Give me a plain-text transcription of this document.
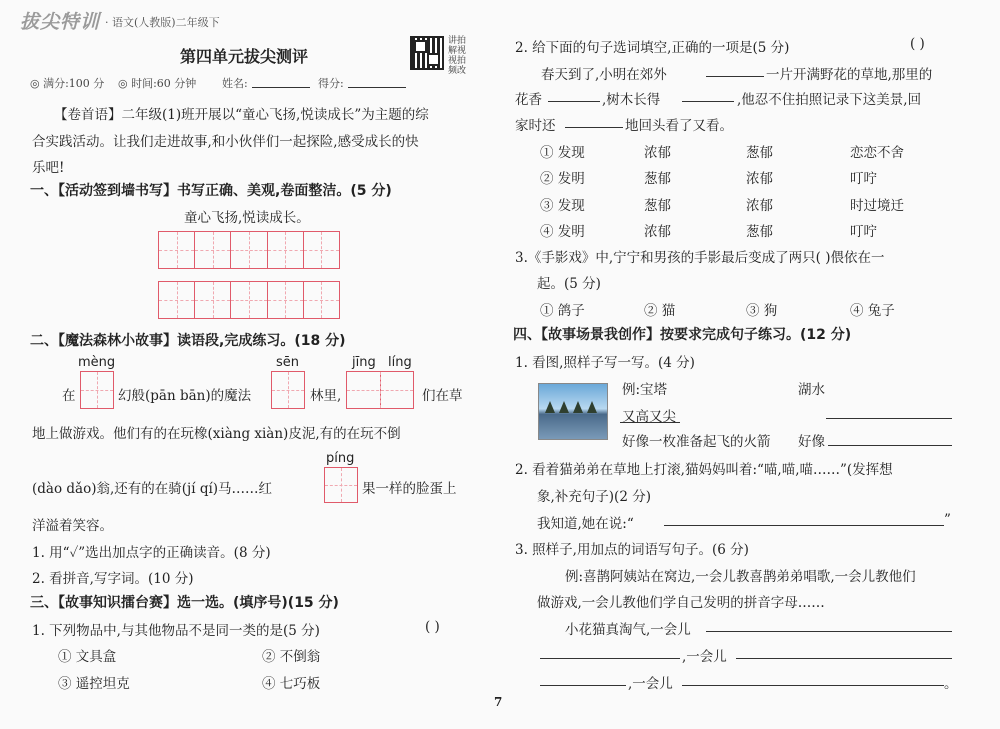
拔尖特训 · 语文(人教版)二年级下
第四单元拔尖测评
讲拍
解视
视拍
频改
◎ 满分:100 分 ◎ 时间:60 分钟 姓名:	得分:
【卷首语】二年级(1)班开展以“童心飞扬,悦读成长”为主题的综
合实践活动。让我们走进故事,和小伙伴们一起探险,感受成长的快
乐吧!
一、【活动签到墙书写】书写正确、美观,卷面整洁。(5 分)
童心飞扬,悦读成长。
二、【魔法森林小故事】读语段,完成练习。(18 分)
mèng	sēn	jīng líng
在	幻般(pān bān)的魔法	林里,	们在草
地上做游戏。他们有的在玩橡(xiàng xiàn)皮泥,有的在玩不倒
píng
(dào dǎo)翁,还有的在骑(jí qí)马……红	果一样的脸蛋上
洋溢着笑容。
1. 用“✓”选出加点字的正确读音。(8 分)
2. 看拼音,写字词。(10 分)
三、【故事知识擂台赛】选一选。(填序号)(15 分)
1. 下列物品中,与其他物品不是同一类的是(5 分)	( )
① 文具盒	② 不倒翁
③ 遥控坦克	④ 七巧板
2. 给下面的句子选词填空,正确的一项是(5 分)	( )
春天到了,小明在郊外	一片开满野花的草地,那里的
花香	,树木长得	,他忍不住拍照记录下这美景,回
家时还	地回头看了又看。
① 发现	浓郁	葱郁	恋恋不舍
② 发明	葱郁	浓郁	叮咛
③ 发现	葱郁	浓郁	时过境迁
④ 发明	浓郁	葱郁	叮咛
3.《手影戏》中,宁宁和男孩的手影最后变成了两只( )偎依在一
起。(5 分)
① 鸽子	② 猫	③ 狗	④ 兔子
四、【故事场景我创作】按要求完成句子练习。(12 分)
1. 看图,照样子写一写。(4 分)
例:宝塔	湖水
又高又尖
好像一枚准备起飞的火箭 好像
2. 看着猫弟弟在草地上打滚,猫妈妈叫着:“喵,喵,喵……”(发挥想
象,补充句子)(2 分)
我知道,她在说:“	”
3. 照样子,用加点的词语写句子。(6 分)
例:喜鹊阿姨站在窝边,一会儿教喜鹊弟弟唱歌,一会儿教他们
做游戏,一会儿教他们学自己发明的拼音字母……
小花猫真淘气,一会儿
,一会儿
,一会儿	。
7
